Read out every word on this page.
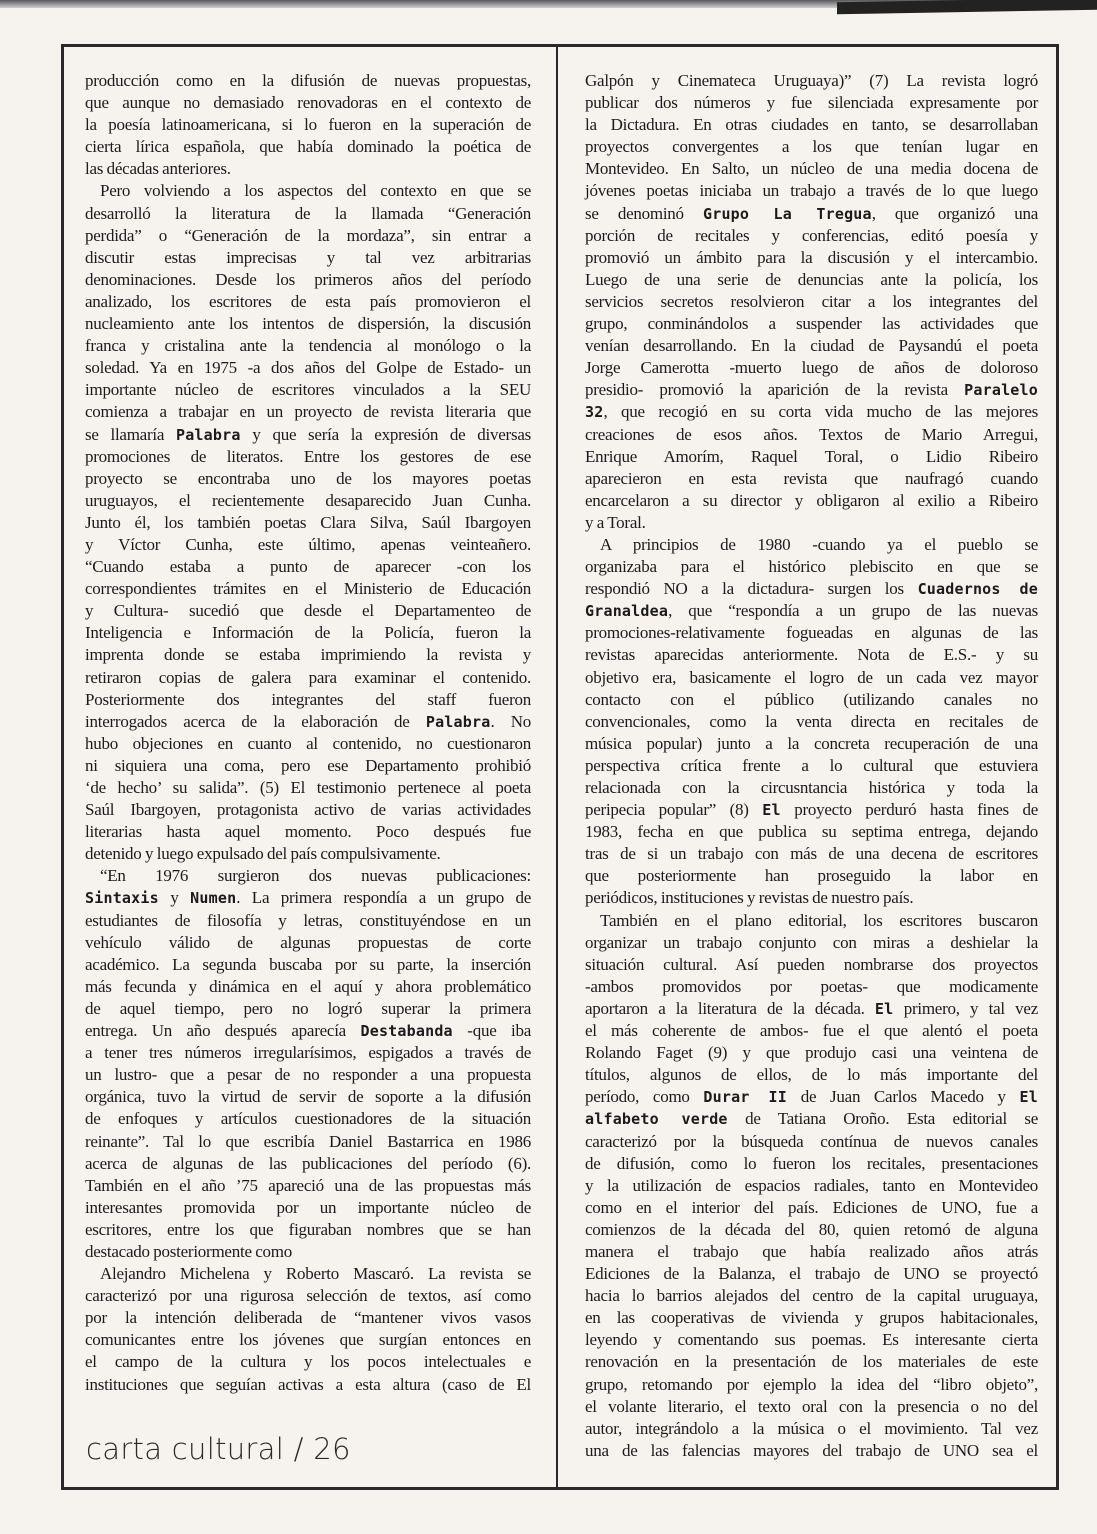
producción como en la difusión de nuevas propuestas,
que aunque no demasiado renovadoras en el contexto de
la poesía latinoamericana, si lo fueron en la superación de
cierta lírica española, que había dominado la poética de
las décadas anteriores.
Pero volviendo a los aspectos del contexto en que se
desarrolló la literatura de la llamada “Generación
perdida” o “Generación de la mordaza”, sin entrar a
discutir estas imprecisas y tal vez arbitrarias
denominaciones. Desde los primeros años del período
analizado, los escritores de esta país promovieron el
nucleamiento ante los intentos de dispersión, la discusión
franca y cristalina ante la tendencia al monólogo o la
soledad. Ya en 1975 -a dos años del Golpe de Estado- un
importante núcleo de escritores vinculados a la SEU
comienza a trabajar en un proyecto de revista literaria que
se llamaría Palabra y que sería la expresión de diversas
promociones de literatos. Entre los gestores de ese
proyecto se encontraba uno de los mayores poetas
uruguayos, el recientemente desaparecido Juan Cunha.
Junto él, los también poetas Clara Silva, Saúl Ibargoyen
y Víctor Cunha, este último, apenas veinteañero.
“Cuando estaba a punto de aparecer -con los
correspondientes trámites en el Ministerio de Educación
y Cultura- sucedió que desde el Departamenteo de
Inteligencia e Información de la Policía, fueron la
imprenta donde se estaba imprimiendo la revista y
retiraron copias de galera para examinar el contenido.
Posteriormente dos integrantes del staff fueron
interrogados acerca de la elaboración de Palabra. No
hubo objeciones en cuanto al contenido, no cuestionaron
ni siquiera una coma, pero ese Departamento prohibió
‘de hecho’ su salida”. (5) El testimonio pertenece al poeta
Saúl Ibargoyen, protagonista activo de varias actividades
literarias hasta aquel momento. Poco después fue
detenido y luego expulsado del país compulsivamente.
“En 1976 surgieron dos nuevas publicaciones:
Sintaxis y Numen. La primera respondía a un grupo de
estudiantes de filosofía y letras, constituyéndose en un
vehículo válido de algunas propuestas de corte
académico. La segunda buscaba por su parte, la inserción
más fecunda y dinámica en el aquí y ahora problemático
de aquel tiempo, pero no logró superar la primera
entrega. Un año después aparecía Destabanda -que iba
a tener tres números irregularísimos, espigados a través de
un lustro- que a pesar de no responder a una propuesta
orgánica, tuvo la virtud de servir de soporte a la difusión
de enfoques y artículos cuestionadores de la situación
reinante”. Tal lo que escribía Daniel Bastarrica en 1986
acerca de algunas de las publicaciones del período (6).
También en el año ’75 apareció una de las propuestas más
interesantes promovida por un importante núcleo de
escritores, entre los que figuraban nombres que se han
destacado posteriormente como
Alejandro Michelena y Roberto Mascaró. La revista se
caracterizó por una rigurosa selección de textos, así como
por la intención deliberada de “mantener vivos vasos
comunicantes entre los jóvenes que surgían entonces en
el campo de la cultura y los pocos intelectuales e
instituciones que seguían activas a esta altura (caso de El
Galpón y Cinemateca Uruguaya)” (7) La revista logró
publicar dos números y fue silenciada expresamente por
la Dictadura. En otras ciudades en tanto, se desarrollaban
proyectos convergentes a los que tenían lugar en
Montevideo. En Salto, un núcleo de una media docena de
jóvenes poetas iniciaba un trabajo a través de lo que luego
se denominó Grupo La Tregua, que organizó una
porción de recitales y conferencias, editó poesía y
promovió un ámbito para la discusión y el intercambio.
Luego de una serie de denuncias ante la policía, los
servicios secretos resolvieron citar a los integrantes del
grupo, conminándolos a suspender las actividades que
venían desarrollando. En la ciudad de Paysandú el poeta
Jorge Camerotta -muerto luego de años de doloroso
presidio- promovió la aparición de la revista Paralelo
32, que recogió en su corta vida mucho de las mejores
creaciones de esos años. Textos de Mario Arregui,
Enrique Amorím, Raquel Toral, o Lidio Ribeiro
aparecieron en esta revista que naufragó cuando
encarcelaron a su director y obligaron al exilio a Ribeiro
y a Toral.
A principios de 1980 -cuando ya el pueblo se
organizaba para el histórico plebiscito en que se
respondió NO a la dictadura- surgen los Cuadernos de
Granaldea, que “respondía a un grupo de las nuevas
promociones-relativamente fogueadas en algunas de las
revistas aparecidas anteriormente. Nota de E.S.- y su
objetivo era, basicamente el logro de un cada vez mayor
contacto con el público (utilizando canales no
convencionales, como la venta directa en recitales de
música popular) junto a la concreta recuperación de una
perspectiva crítica frente a lo cultural que estuviera
relacionada con la circusntancia histórica y toda la
peripecia popular” (8) El proyecto perduró hasta fines de
1983, fecha en que publica su septima entrega, dejando
tras de si un trabajo con más de una decena de escritores
que posteriormente han proseguido la labor en
periódicos, instituciones y revistas de nuestro país.
También en el plano editorial, los escritores buscaron
organizar un trabajo conjunto con miras a deshielar la
situación cultural. Así pueden nombrarse dos proyectos
-ambos promovidos por poetas- que modicamente
aportaron a la literatura de la década. El primero, y tal vez
el más coherente de ambos- fue el que alentó el poeta
Rolando Faget (9) y que produjo casi una veintena de
títulos, algunos de ellos, de lo más importante del
período, como Durar II de Juan Carlos Macedo y El
alfabeto verde de Tatiana Oroño. Esta editorial se
caracterizó por la búsqueda contínua de nuevos canales
de difusión, como lo fueron los recitales, presentaciones
y la utilización de espacios radiales, tanto en Montevideo
como en el interior del país. Ediciones de UNO, fue a
comienzos de la década del 80, quien retomó de alguna
manera el trabajo que había realizado años atrás
Ediciones de la Balanza, el trabajo de UNO se proyectó
hacia lo barrios alejados del centro de la capital uruguaya,
en las cooperativas de vivienda y grupos habitacionales,
leyendo y comentando sus poemas. Es interesante cierta
renovación en la presentación de los materiales de este
grupo, retomando por ejemplo la idea del “libro objeto”,
el volante literario, el texto oral con la presencia o no del
autor, integrándolo a la música o el movimiento. Tal vez
una de las falencias mayores del trabajo de UNO sea el
carta cultural / 26
